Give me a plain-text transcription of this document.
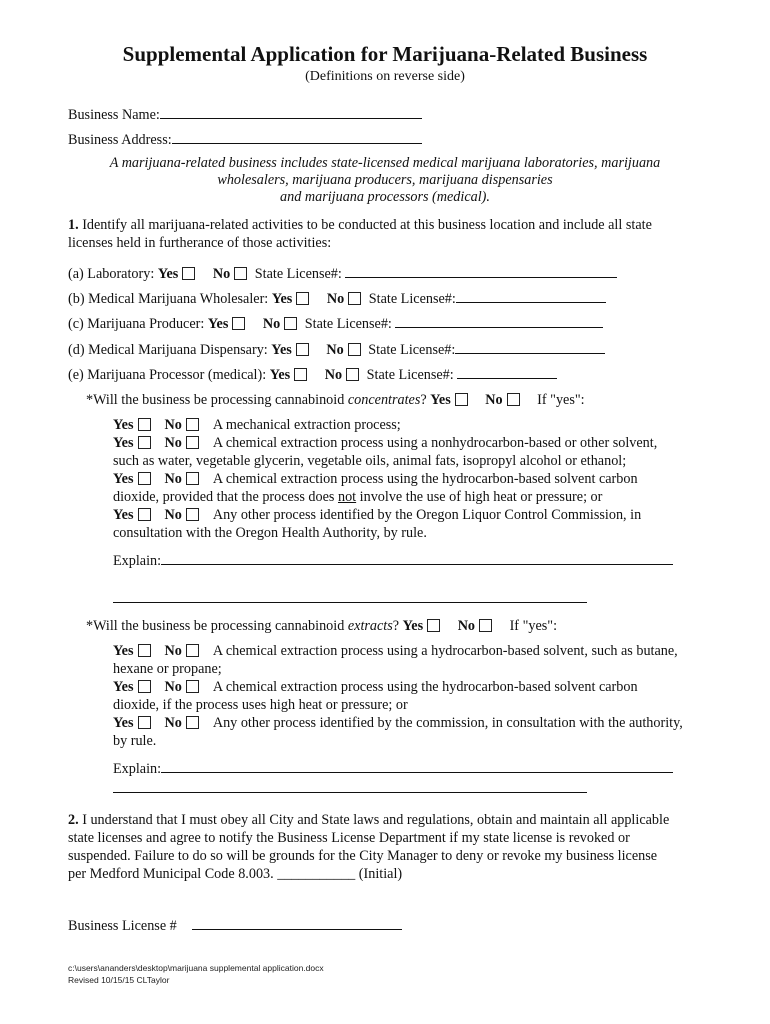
Supplemental Application for Marijuana-Related Business
(Definitions on reverse side)
Business Name:
Business Address:
A marijuana-related business includes state-licensed medical marijuana laboratories, marijuana
wholesalers, marijuana producers, marijuana dispensaries
and marijuana processors (medical).
1. Identify all marijuana-related activities to be conducted at this business location and include all state licenses held in furtherance of those activities:
(a) Laboratory: Yes No State License#:
(b) Medical Marijuana Wholesaler: Yes No State License#:
(c) Marijuana Producer: Yes No State License#:
(d) Medical Marijuana Dispensary: Yes No State License#:
(e) Marijuana Processor (medical): Yes No State License#:
*Will the business be processing cannabinoid concentrates? Yes No If "yes":
Yes No A mechanical extraction process;
Yes No A chemical extraction process using a nonhydrocarbon-based or other solvent, such as water, vegetable glycerin, vegetable oils, animal fats, isopropyl alcohol or ethanol;
Yes No A chemical extraction process using the hydrocarbon-based solvent carbon dioxide, provided that the process does not involve the use of high heat or pressure; or
Yes No Any other process identified by the Oregon Liquor Control Commission, in consultation with the Oregon Health Authority, by rule.
Explain:
*Will the business be processing cannabinoid extracts? Yes No If "yes":
Yes No A chemical extraction process using a hydrocarbon-based solvent, such as butane, hexane or propane;
Yes No A chemical extraction process using the hydrocarbon-based solvent carbon dioxide, if the process uses high heat or pressure; or
Yes No Any other process identified by the commission, in consultation with the authority, by rule.
Explain:
2. I understand that I must obey all City and State laws and regulations, obtain and maintain all applicable state licenses and agree to notify the Business License Department if my state license is revoked or suspended. Failure to do so will be grounds for the City Manager to deny or revoke my business license per Medford Municipal Code 8.003. ___________ (Initial)
Business License #
c:\users\ananders\desktop\marijuana supplemental application.docx
Revised 10/15/15 CLTaylor
